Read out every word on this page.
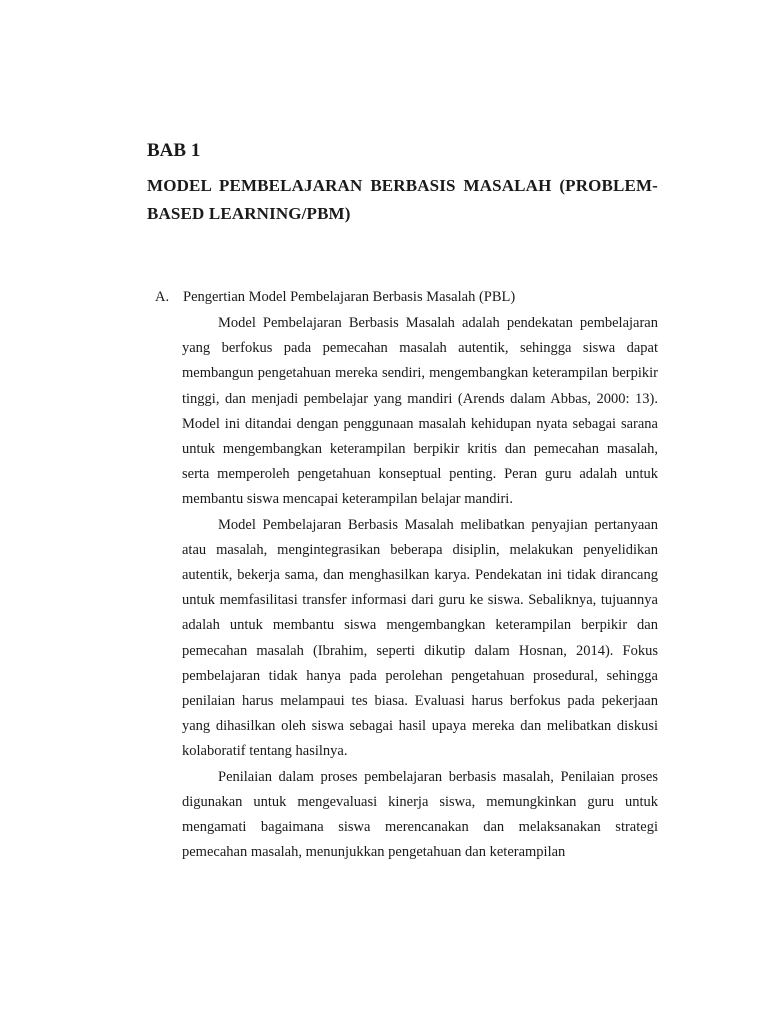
BAB 1
MODEL PEMBELAJARAN BERBASIS MASALAH (PROBLEM-BASED LEARNING/PBM)
A. Pengertian Model Pembelajaran Berbasis Masalah (PBL)

Model Pembelajaran Berbasis Masalah adalah pendekatan pembelajaran yang berfokus pada pemecahan masalah autentik, sehingga siswa dapat membangun pengetahuan mereka sendiri, mengembangkan keterampilan berpikir tinggi, dan menjadi pembelajar yang mandiri (Arends dalam Abbas, 2000: 13). Model ini ditandai dengan penggunaan masalah kehidupan nyata sebagai sarana untuk mengembangkan keterampilan berpikir kritis dan pemecahan masalah, serta memperoleh pengetahuan konseptual penting. Peran guru adalah untuk membantu siswa mencapai keterampilan belajar mandiri.

Model Pembelajaran Berbasis Masalah melibatkan penyajian pertanyaan atau masalah, mengintegrasikan beberapa disiplin, melakukan penyelidikan autentik, bekerja sama, dan menghasilkan karya. Pendekatan ini tidak dirancang untuk memfasilitasi transfer informasi dari guru ke siswa. Sebaliknya, tujuannya adalah untuk membantu siswa mengembangkan keterampilan berpikir dan pemecahan masalah (Ibrahim, seperti dikutip dalam Hosnan, 2014). Fokus pembelajaran tidak hanya pada perolehan pengetahuan prosedural, sehingga penilaian harus melampaui tes biasa. Evaluasi harus berfokus pada pekerjaan yang dihasilkan oleh siswa sebagai hasil upaya mereka dan melibatkan diskusi kolaboratif tentang hasilnya.

Penilaian dalam proses pembelajaran berbasis masalah, Penilaian proses digunakan untuk mengevaluasi kinerja siswa, memungkinkan guru untuk mengamati bagaimana siswa merencanakan dan melaksanakan strategi pemecahan masalah, menunjukkan pengetahuan dan keterampilan
